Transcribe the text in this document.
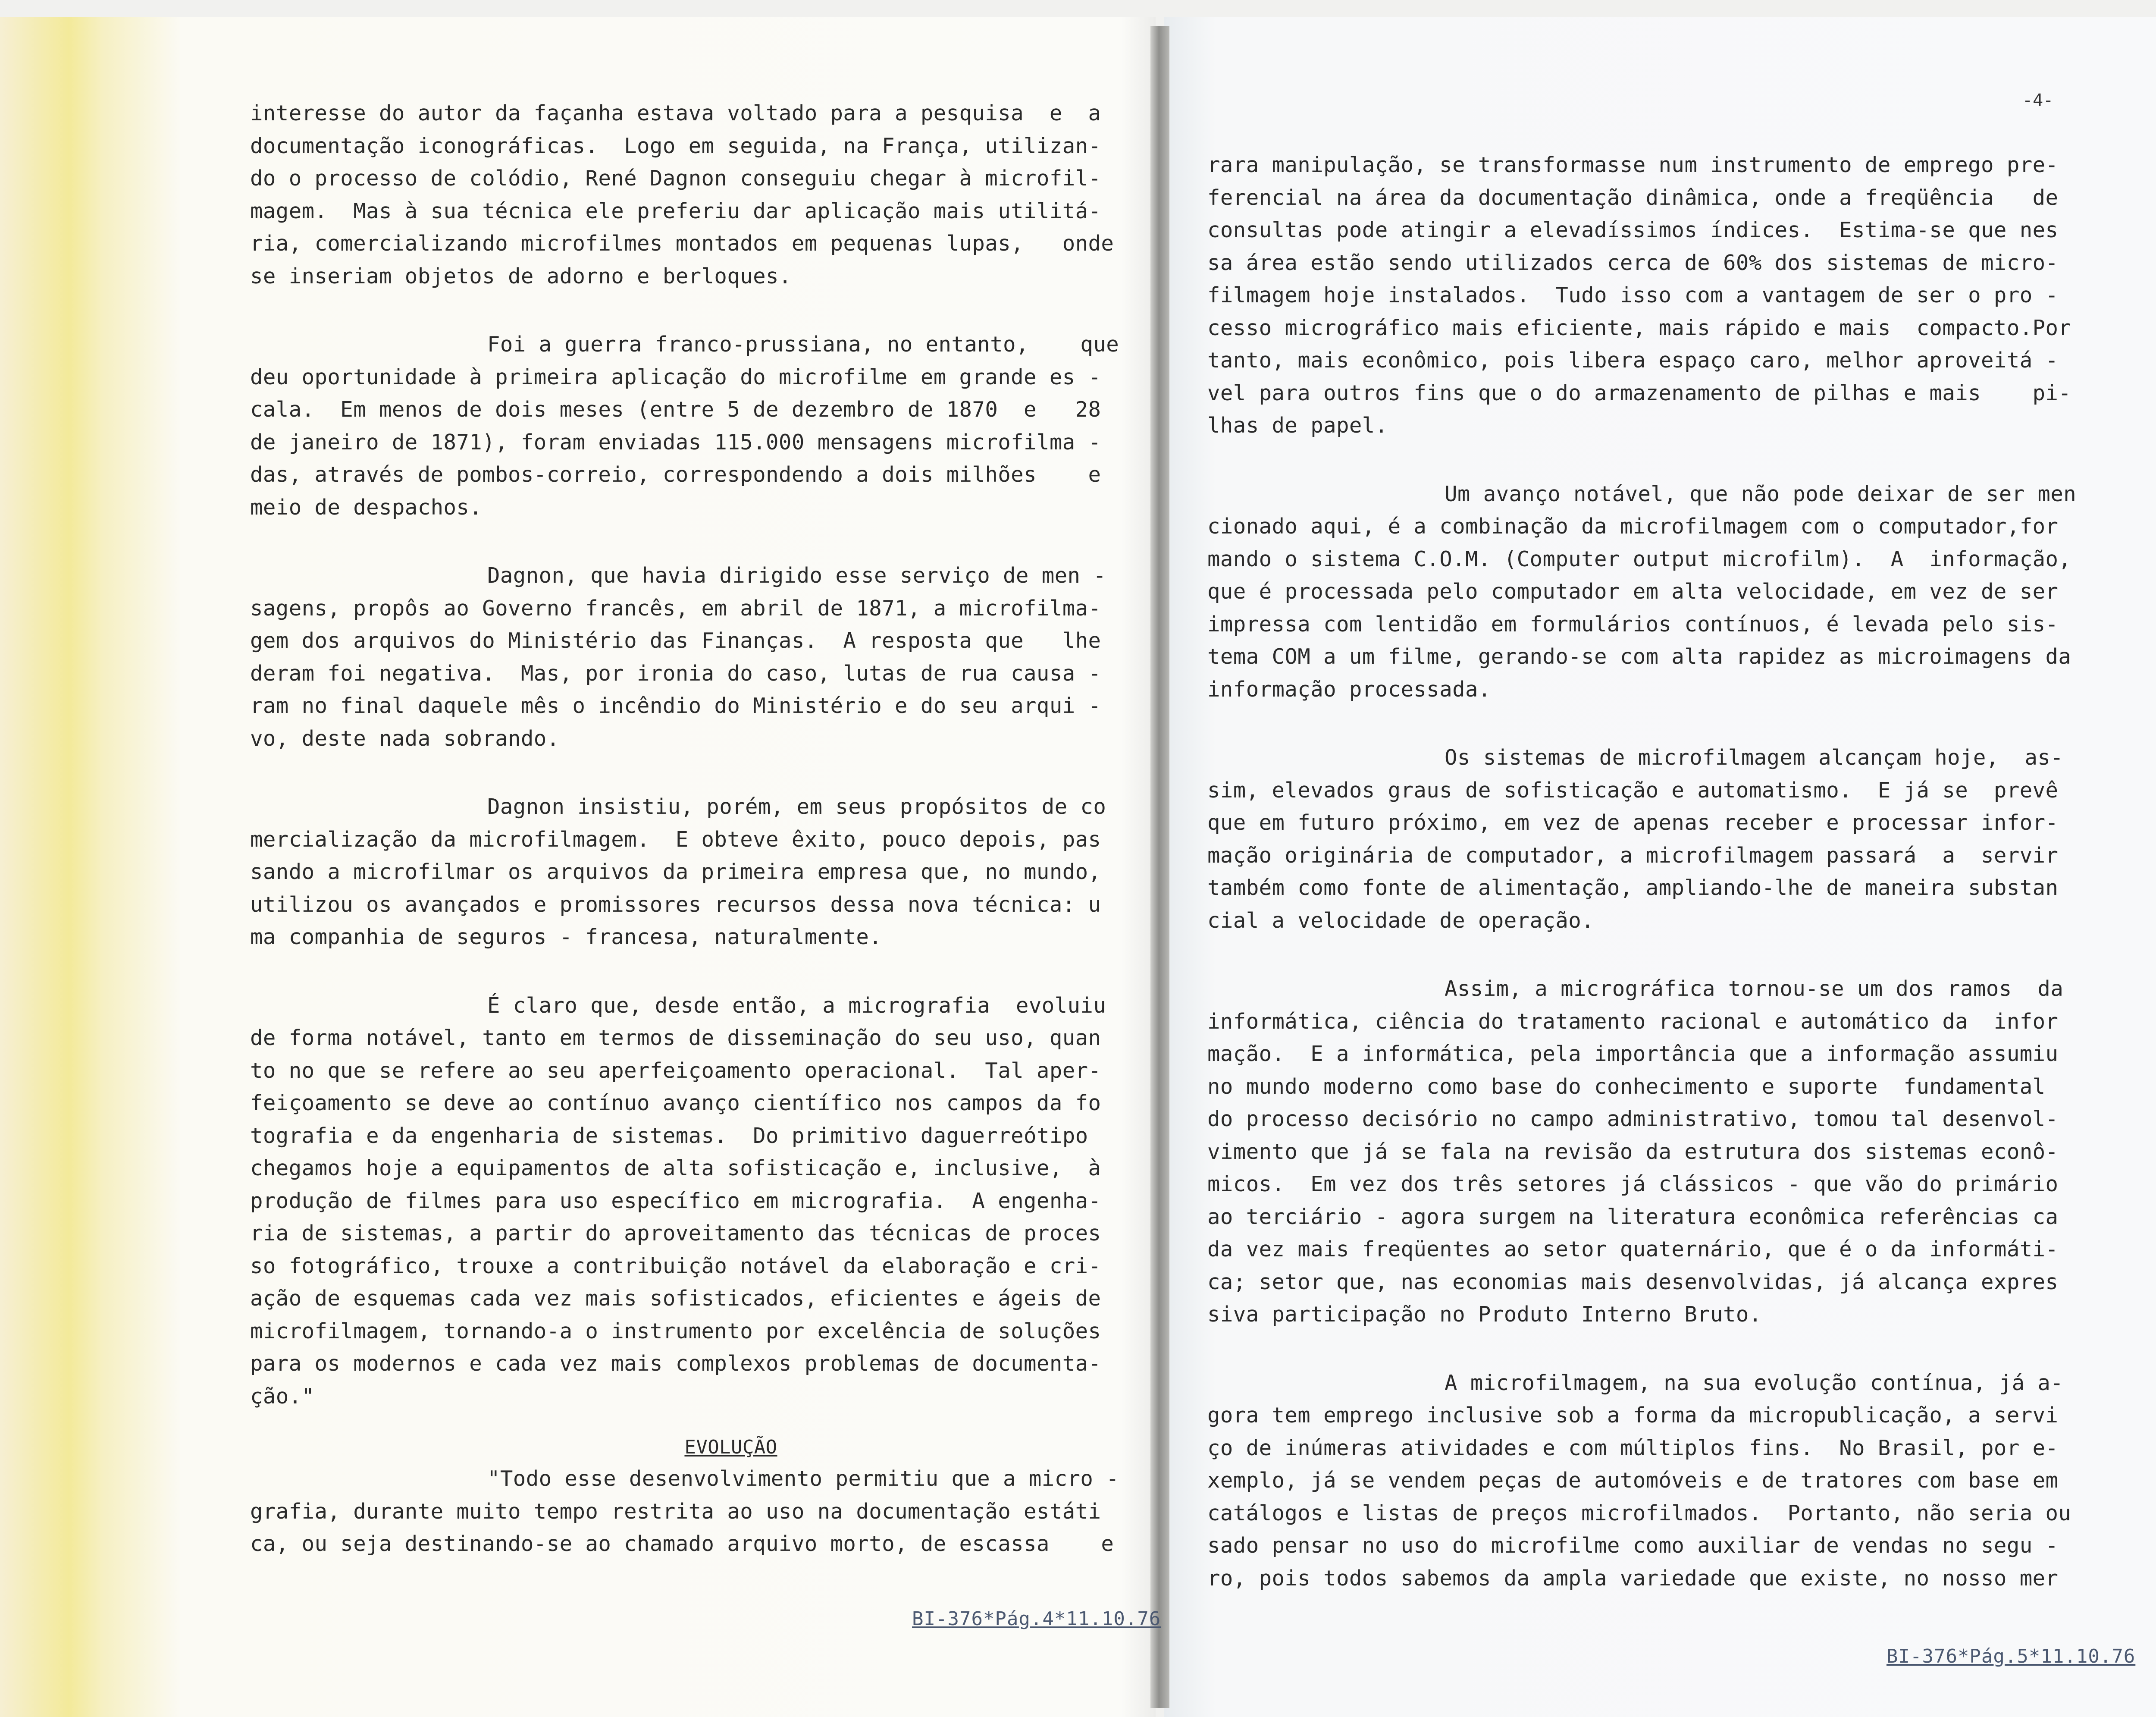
interesse do autor da façanha estava voltado para a pesquisa  e  a
documentação iconográficas.  Logo em seguida, na França, utilizan-
do o processo de colódio, René Dagnon conseguiu chegar à microfil-
magem.  Mas à sua técnica ele preferiu dar aplicação mais utilitá-
ria, comercializando microfilmes montados em pequenas lupas,   onde
se inseriam objetos de adorno e berloques.
Foi a guerra franco-prussiana, no entanto,    que
deu oportunidade à primeira aplicação do microfilme em grande es -
cala.  Em menos de dois meses (entre 5 de dezembro de 1870  e   28
de janeiro de 1871), foram enviadas 115.000 mensagens microfilma -
das, através de pombos-correio, correspondendo a dois milhões    e
meio de despachos.
Dagnon, que havia dirigido esse serviço de men -
sagens, propôs ao Governo francês, em abril de 1871, a microfilma-
gem dos arquivos do Ministério das Finanças.  A resposta que   lhe
deram foi negativa.  Mas, por ironia do caso, lutas de rua causa -
ram no final daquele mês o incêndio do Ministério e do seu arqui -
vo, deste nada sobrando.
Dagnon insistiu, porém, em seus propósitos de co
mercialização da microfilmagem.  E obteve êxito, pouco depois, pas
sando a microfilmar os arquivos da primeira empresa que, no mundo,
utilizou os avançados e promissores recursos dessa nova técnica: u
ma companhia de seguros - francesa, naturalmente.
É claro que, desde então, a micrografia  evoluiu
de forma notável, tanto em termos de disseminação do seu uso, quan
to no que se refere ao seu aperfeiçoamento operacional.  Tal aper-
feiçoamento se deve ao contínuo avanço científico nos campos da fo
tografia e da engenharia de sistemas.  Do primitivo daguerreótipo
chegamos hoje a equipamentos de alta sofisticação e, inclusive,  à
produção de filmes para uso específico em micrografia.  A engenha-
ria de sistemas, a partir do aproveitamento das técnicas de proces
so fotográfico, trouxe a contribuição notável da elaboração e cri-
ação de esquemas cada vez mais sofisticados, eficientes e ágeis de
microfilmagem, tornando-a o instrumento por excelência de soluções
para os modernos e cada vez mais complexos problemas de documenta-
ção."
EVOLUÇÃO
"Todo esse desenvolvimento permitiu que a micro -
grafia, durante muito tempo restrita ao uso na documentação estáti
ca, ou seja destinando-se ao chamado arquivo morto, de escassa    e
rara manipulação, se transformasse num instrumento de emprego pre-
ferencial na área da documentação dinâmica, onde a freqüência   de
consultas pode atingir a elevadíssimos índices.  Estima-se que nes
sa área estão sendo utilizados cerca de 60% dos sistemas de micro-
filmagem hoje instalados.  Tudo isso com a vantagem de ser o pro -
cesso micrográfico mais eficiente, mais rápido e mais  compacto.Por
tanto, mais econômico, pois libera espaço caro, melhor aproveitá -
vel para outros fins que o do armazenamento de pilhas e mais    pi-
lhas de papel.
Um avanço notável, que não pode deixar de ser men
cionado aqui, é a combinação da microfilmagem com o computador,for
mando o sistema C.O.M. (Computer output microfilm).  A  informação,
que é processada pelo computador em alta velocidade, em vez de ser
impressa com lentidão em formulários contínuos, é levada pelo sis-
tema COM a um filme, gerando-se com alta rapidez as microimagens da
informação processada.
Os sistemas de microfilmagem alcançam hoje,  as-
sim, elevados graus de sofisticação e automatismo.  E já se  prevê
que em futuro próximo, em vez de apenas receber e processar infor-
mação originária de computador, a microfilmagem passará  a  servir
também como fonte de alimentação, ampliando-lhe de maneira substan
cial a velocidade de operação.
Assim, a micrográfica tornou-se um dos ramos  da
informática, ciência do tratamento racional e automático da  infor
mação.  E a informática, pela importância que a informação assumiu
no mundo moderno como base do conhecimento e suporte  fundamental
do processo decisório no campo administrativo, tomou tal desenvol-
vimento que já se fala na revisão da estrutura dos sistemas econô-
micos.  Em vez dos três setores já clássicos - que vão do primário
ao terciário - agora surgem na literatura econômica referências ca
da vez mais freqüentes ao setor quaternário, que é o da informáti-
ca; setor que, nas economias mais desenvolvidas, já alcança expres
siva participação no Produto Interno Bruto.
A microfilmagem, na sua evolução contínua, já a-
gora tem emprego inclusive sob a forma da micropublicação, a servi
ço de inúmeras atividades e com múltiplos fins.  No Brasil, por e-
xemplo, já se vendem peças de automóveis e de tratores com base em
catálogos e listas de preços microfilmados.  Portanto, não seria ou
sado pensar no uso do microfilme como auxiliar de vendas no segu -
ro, pois todos sabemos da ampla variedade que existe, no nosso mer
-4-
BI-376*Pág.4*11.10.76
BI-376*Pág.5*11.10.76
